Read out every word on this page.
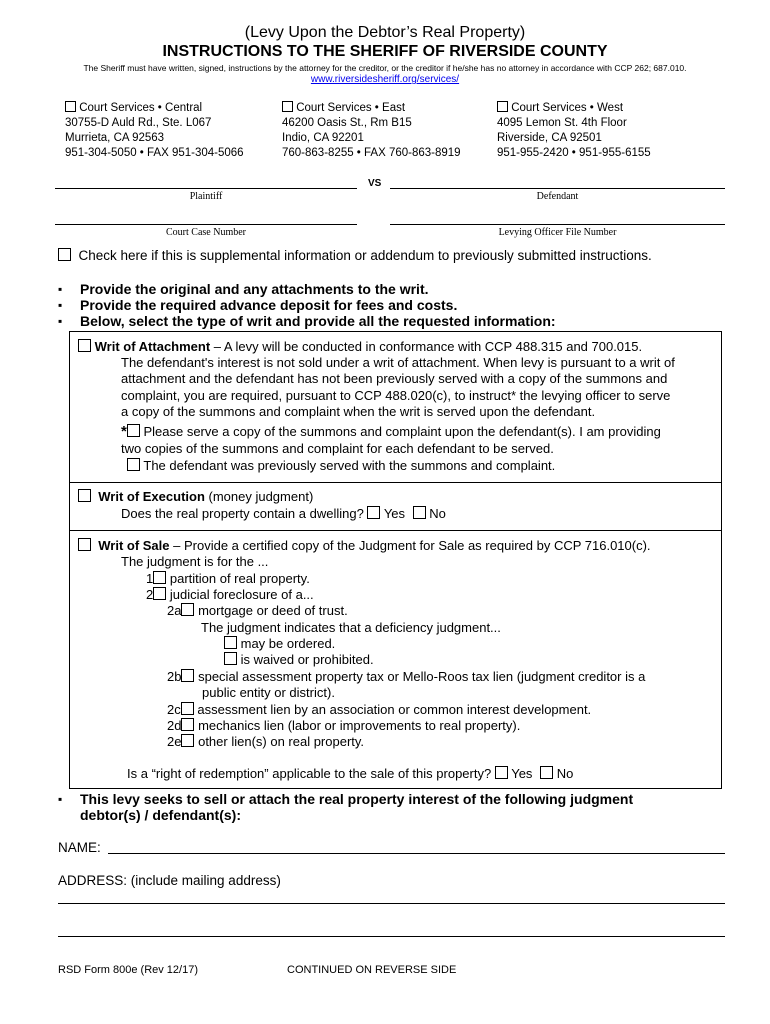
(Levy Upon the Debtor’s Real Property)
INSTRUCTIONS TO THE SHERIFF OF RIVERSIDE COUNTY
The Sheriff must have written, signed, instructions by the attorney for the creditor, or the creditor if he/she has no attorney in accordance with CCP 262; 687.010.
www.riversidesheriff.org/services/
Court Services • Central
30755-D Auld Rd., Ste. L067
Murrieta, CA 92563
951-304-5050 • FAX 951-304-5066
Court Services • East
46200 Oasis St., Rm B15
Indio, CA 92201
760-863-8255 • FAX 760-863-8919
Court Services • West
4095 Lemon St. 4th Floor
Riverside, CA 92501
951-955-2420 • 951-955-6155
VS
Plaintiff	Defendant
Court Case Number	Levying Officer File Number
Check here if this is supplemental information or addendum to previously submitted instructions.
▪ Provide the original and any attachments to the writ.
▪ Provide the required advance deposit for fees and costs.
▪ Below, select the type of writ and provide all the requested information:
Writ of Attachment – A levy will be conducted in conformance with CCP 488.315 and 700.015.
The defendant's interest is not sold under a writ of attachment. When levy is pursuant to a writ of
attachment and the defendant has not been previously served with a copy of the summons and
complaint, you are required, pursuant to CCP 488.020(c), to instruct* the levying officer to serve
a copy of the summons and complaint when the writ is served upon the defendant.
* Please serve a copy of the summons and complaint upon the defendant(s). I am providing
two copies of the summons and complaint for each defendant to be served.
The defendant was previously served with the summons and complaint.
Writ of Execution (money judgment)
Does the real property contain a dwelling? Yes No
Writ of Sale – Provide a certified copy of the Judgment for Sale as required by CCP 716.010(c).
The judgment is for the ...
1 partition of real property.
2 judicial foreclosure of a...
2a mortgage or deed of trust.
The judgment indicates that a deficiency judgment...
may be ordered.
is waived or prohibited.
2b special assessment property tax or Mello-Roos tax lien (judgment creditor is a
public entity or district).
2c assessment lien by an association or common interest development.
2d mechanics lien (labor or improvements to real property).
2e other lien(s) on real property.
Is a “right of redemption” applicable to the sale of this property? Yes No
▪ This levy seeks to sell or attach the real property interest of the following judgment
debtor(s) / defendant(s):
NAME:
ADDRESS: (include mailing address)
RSD Form 800e (Rev 12/17)	CONTINUED ON REVERSE SIDE
